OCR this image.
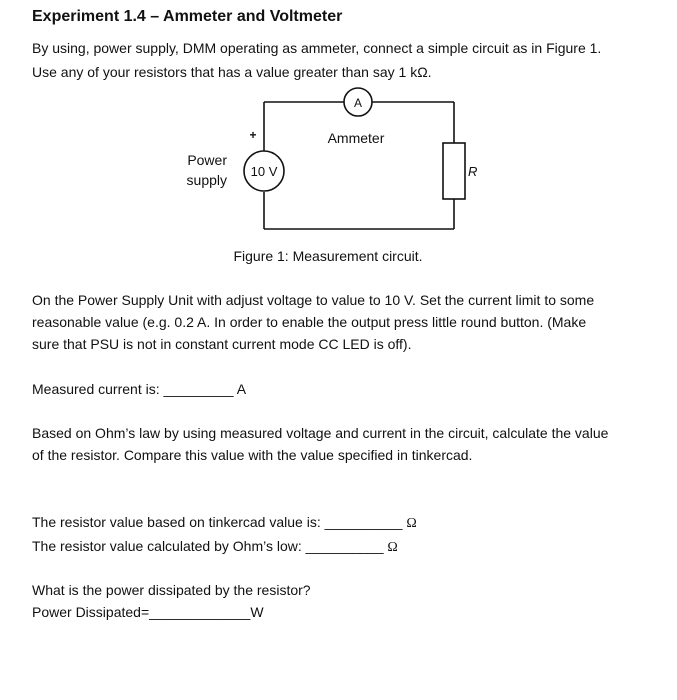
Experiment 1.4 – Ammeter and Voltmeter
By using, power supply, DMM operating as ammeter, connect a simple circuit as in Figure 1.
Use any of your resistors that has a value greater than say 1 kΩ.
A
Ammeter
+
Power
supply
10 V	R
Figure 1: Measurement circuit.
On the Power Supply Unit with adjust voltage to value to 10 V. Set the current limit to some
reasonable value (e.g. 0.2 A. In order to enable the output press little round button. (Make
sure that PSU is not in constant current mode CC LED is off).
Measured current is: _________ A
Based on Ohm’s law by using measured voltage and current in the circuit, calculate the value
of the resistor. Compare this value with the value specified in tinkercad.
The resistor value based on tinkercad value is: __________ Ω
The resistor value calculated by Ohm’s low: __________ Ω
What is the power dissipated by the resistor?
Power Dissipated=_____________W
